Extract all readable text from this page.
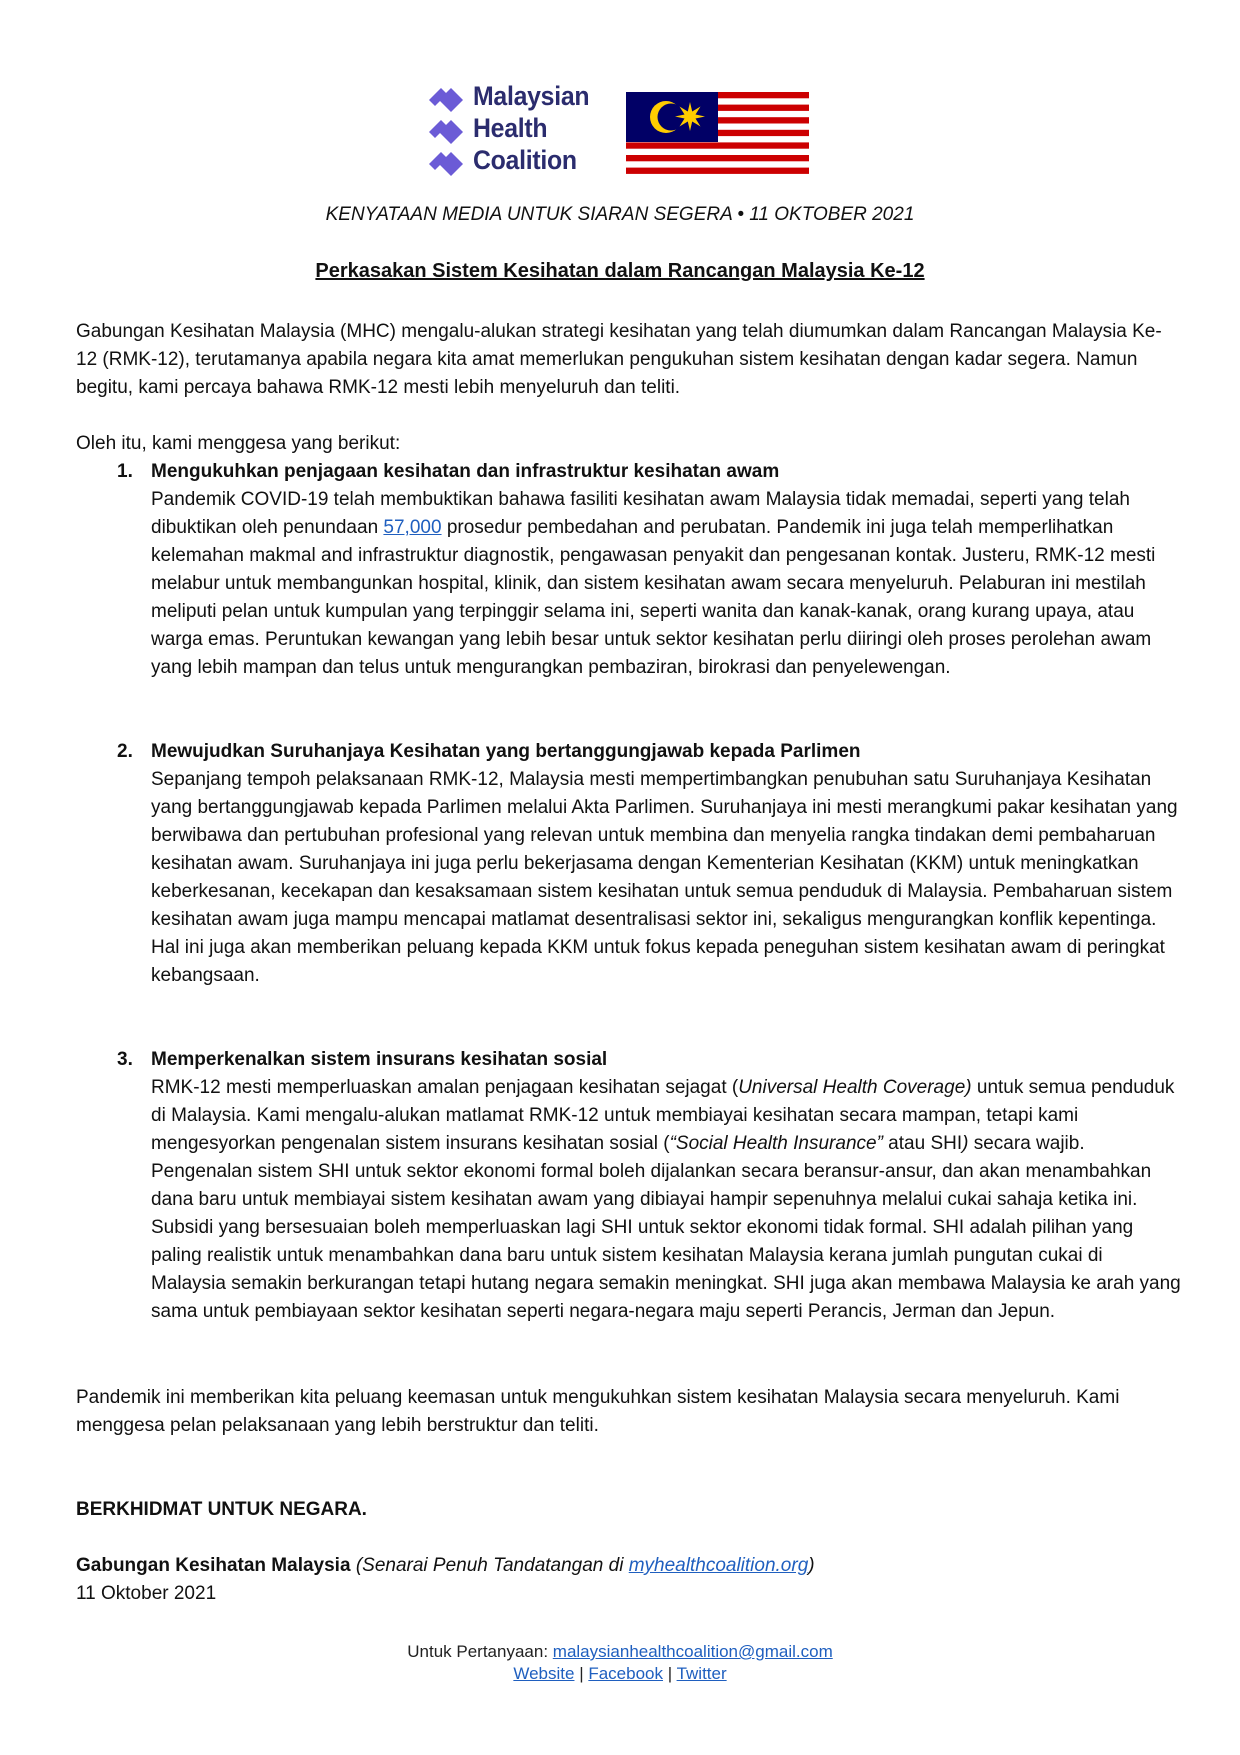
Malaysian
Health
Coalition
KENYATAAN MEDIA UNTUK SIARAN SEGERA • 11 OKTOBER 2021
Perkasakan Sistem Kesihatan dalam Rancangan Malaysia Ke-12
Gabungan Kesihatan Malaysia (MHC) mengalu-alukan strategi kesihatan yang telah diumumkan dalam Rancangan Malaysia Ke-12 (RMK-12), terutamanya apabila negara kita amat memerlukan pengukuhan sistem kesihatan dengan kadar segera. Namun begitu, kami percaya bahawa RMK-12 mesti lebih menyeluruh dan teliti.
Oleh itu, kami menggesa yang berikut:
1. Mengukuhkan penjagaan kesihatan dan infrastruktur kesihatan awam
Pandemik COVID-19 telah membuktikan bahawa fasiliti kesihatan awam Malaysia tidak memadai, seperti yang telah dibuktikan oleh penundaan 57,000 prosedur pembedahan and perubatan. Pandemik ini juga telah memperlihatkan kelemahan makmal and infrastruktur diagnostik, pengawasan penyakit dan pengesanan kontak. Justeru, RMK-12 mesti melabur untuk membangunkan hospital, klinik, dan sistem kesihatan awam secara menyeluruh. Pelaburan ini mestilah meliputi pelan untuk kumpulan yang terpinggir selama ini, seperti wanita dan kanak-kanak, orang kurang upaya, atau warga emas. Peruntukan kewangan yang lebih besar untuk sektor kesihatan perlu diiringi oleh proses perolehan awam yang lebih mampan dan telus untuk mengurangkan pembaziran, birokrasi dan penyelewengan.
2. Mewujudkan Suruhanjaya Kesihatan yang bertanggungjawab kepada Parlimen
Sepanjang tempoh pelaksanaan RMK-12, Malaysia mesti mempertimbangkan penubuhan satu Suruhanjaya Kesihatan yang bertanggungjawab kepada Parlimen melalui Akta Parlimen. Suruhanjaya ini mesti merangkumi pakar kesihatan yang berwibawa dan pertubuhan profesional yang relevan untuk membina dan menyelia rangka tindakan demi pembaharuan kesihatan awam. Suruhanjaya ini juga perlu bekerjasama dengan Kementerian Kesihatan (KKM) untuk meningkatkan keberkesanan, kecekapan dan kesaksamaan sistem kesihatan untuk semua penduduk di Malaysia. Pembaharuan sistem kesihatan awam juga mampu mencapai matlamat desentralisasi sektor ini, sekaligus mengurangkan konflik kepentinga. Hal ini juga akan memberikan peluang kepada KKM untuk fokus kepada peneguhan sistem kesihatan awam di peringkat kebangsaan.
3. Memperkenalkan sistem insurans kesihatan sosial
RMK-12 mesti memperluaskan amalan penjagaan kesihatan sejagat (Universal Health Coverage) untuk semua penduduk di Malaysia. Kami mengalu-alukan matlamat RMK-12 untuk membiayai kesihatan secara mampan, tetapi kami mengesyorkan pengenalan sistem insurans kesihatan sosial (“Social Health Insurance” atau SHI) secara wajib. Pengenalan sistem SHI untuk sektor ekonomi formal boleh dijalankan secara beransur-ansur, dan akan menambahkan dana baru untuk membiayai sistem kesihatan awam yang dibiayai hampir sepenuhnya melalui cukai sahaja ketika ini. Subsidi yang bersesuaian boleh memperluaskan lagi SHI untuk sektor ekonomi tidak formal. SHI adalah pilihan yang paling realistik untuk menambahkan dana baru untuk sistem kesihatan Malaysia kerana jumlah pungutan cukai di Malaysia semakin berkurangan tetapi hutang negara semakin meningkat. SHI juga akan membawa Malaysia ke arah yang sama untuk pembiayaan sektor kesihatan seperti negara-negara maju seperti Perancis, Jerman dan Jepun.
Pandemik ini memberikan kita peluang keemasan untuk mengukuhkan sistem kesihatan Malaysia secara menyeluruh. Kami menggesa pelan pelaksanaan yang lebih berstruktur dan teliti.
BERKHIDMAT UNTUK NEGARA.
Gabungan Kesihatan Malaysia (Senarai Penuh Tandatangan di myhealthcoalition.org)
11 Oktober 2021
Untuk Pertanyaan: malaysianhealthcoalition@gmail.com
Website | Facebook | Twitter
